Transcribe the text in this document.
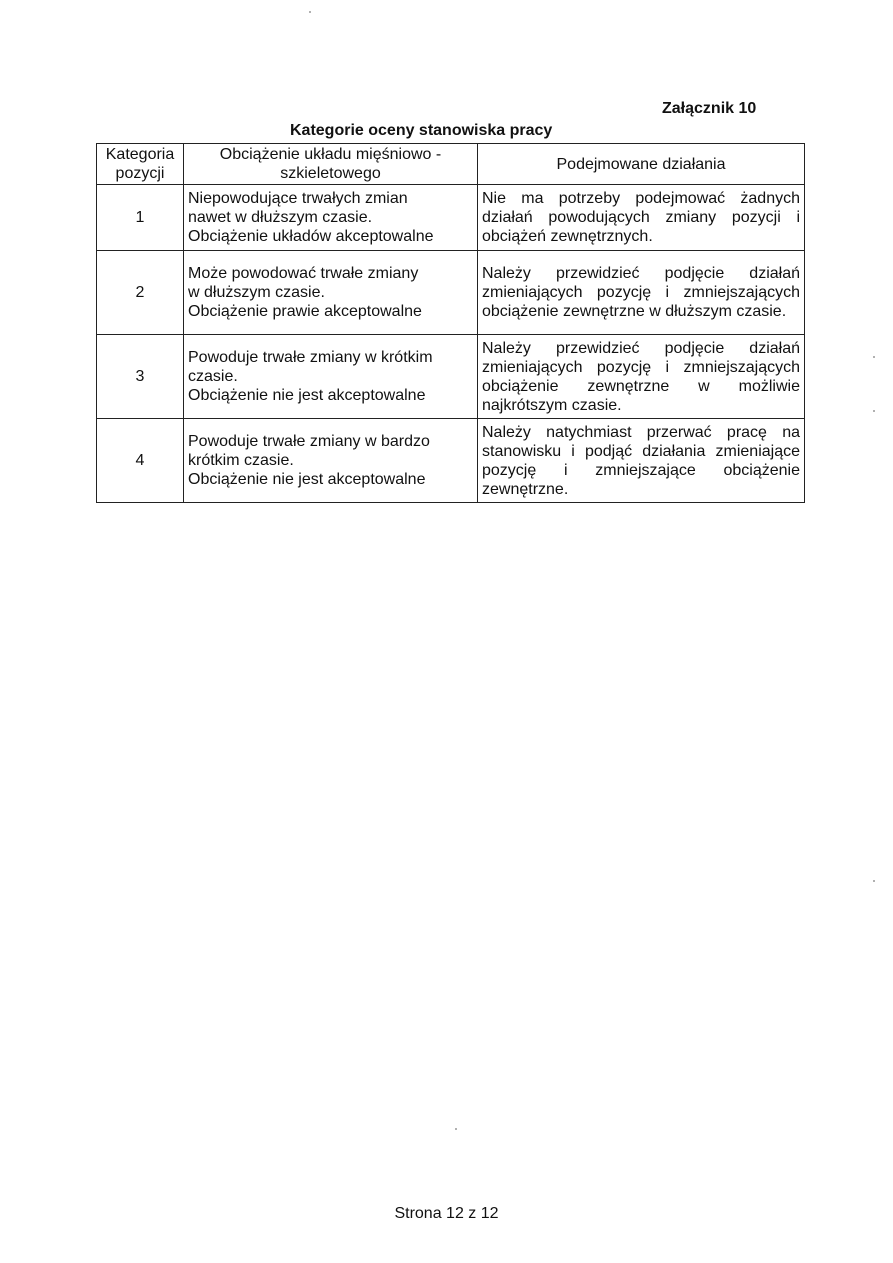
Załącznik 10
Kategorie oceny stanowiska pracy
Kategoria pozycji	Obciążenie układu mięśniowo - szkieletowego	Podejmowane działania
1	Niepowodujące trwałych zmian
nawet w dłuższym czasie.
Obciążenie układów akceptowalne	Nie ma potrzeby podejmować żadnych działań powodujących zmiany pozycji i obciążeń zewnętrznych.
2	Może powodować trwałe zmiany
w dłuższym czasie.
Obciążenie prawie akceptowalne	Należy przewidzieć podjęcie działań zmieniających pozycję i zmniejszających obciążenie zewnętrzne w dłuższym czasie.
3	Powoduje trwałe zmiany w krótkim
czasie.
Obciążenie nie jest akceptowalne	Należy przewidzieć podjęcie działań zmieniających pozycję i zmniejszających obciążenie zewnętrzne w możliwie najkrótszym czasie.
4	Powoduje trwałe zmiany w bardzo
krótkim czasie.
Obciążenie nie jest akceptowalne	Należy natychmiast przerwać pracę na stanowisku i podjąć działania zmieniające pozycję i zmniejszające obciążenie zewnętrzne.
Strona 12 z 12
